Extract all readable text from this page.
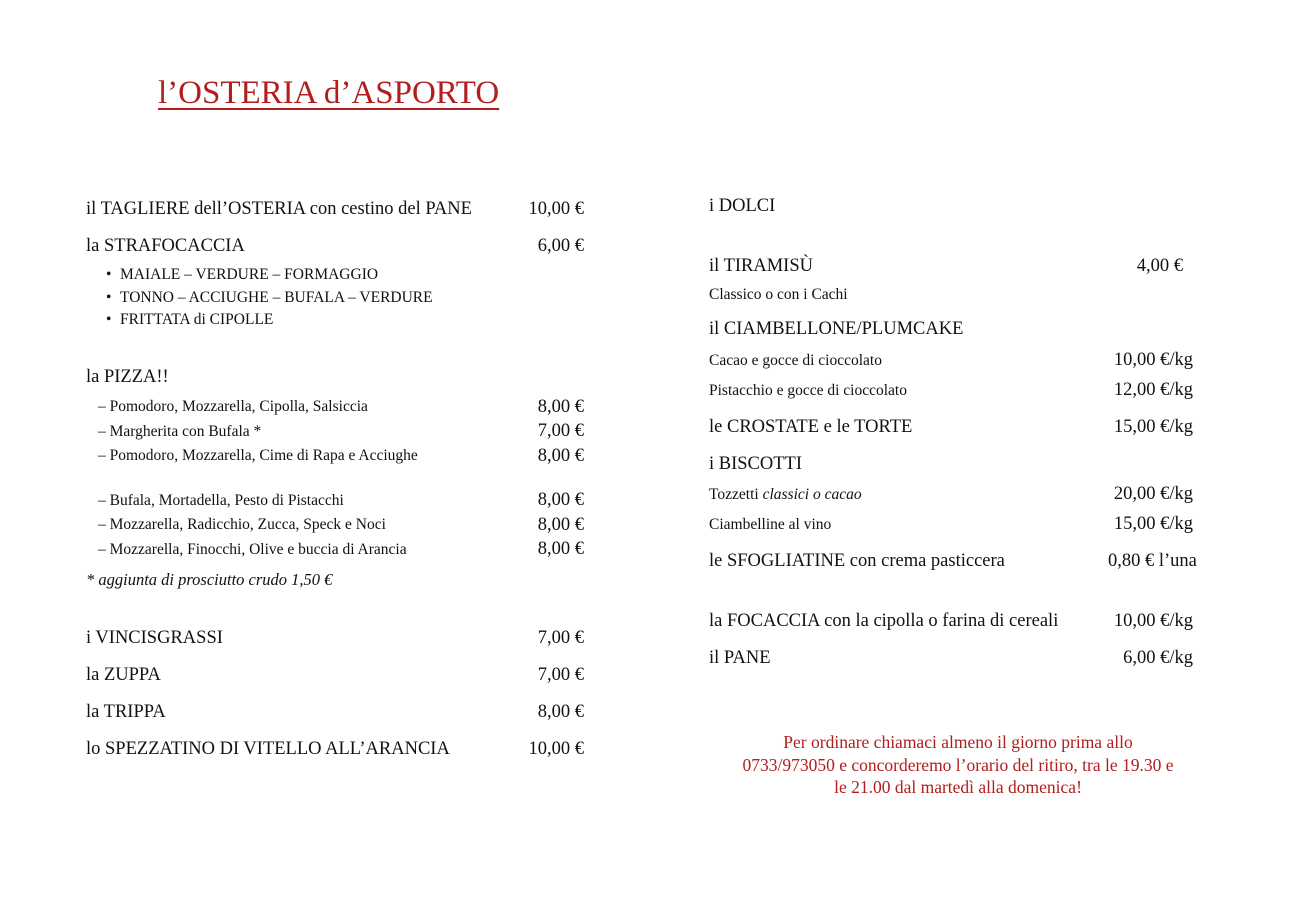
l’OSTERIA d’ASPORTO
il TAGLIERE dell’OSTERIA con cestino del PANE	10,00 €
la STRAFOCACCIA	6,00 €
• MAIALE – VERDURE – FORMAGGIO
• TONNO – ACCIUGHE – BUFALA – VERDURE
• FRITTATA di CIPOLLE
la PIZZA!!
– Pomodoro, Mozzarella, Cipolla, Salsiccia	8,00 €
– Margherita con Bufala *	7,00 €
– Pomodoro, Mozzarella, Cime di Rapa e Acciughe	8,00 €
– Bufala, Mortadella, Pesto di Pistacchi	8,00 €
– Mozzarella, Radicchio, Zucca, Speck e Noci	8,00 €
– Mozzarella, Finocchi, Olive e buccia di Arancia	8,00 €
* aggiunta di prosciutto crudo 1,50 €
i VINCISGRASSI	7,00 €
la ZUPPA	7,00 €
la TRIPPA	8,00 €
lo SPEZZATINO DI VITELLO ALL’ARANCIA	10,00 €
i DOLCI
il TIRAMISÙ	4,00 €
Classico o con i Cachi
il CIAMBELLONE/PLUMCAKE
Cacao e gocce di cioccolato	10,00 €/kg
Pistacchio e gocce di cioccolato	12,00 €/kg
le CROSTATE e le TORTE	15,00 €/kg
i BISCOTTI
Tozzetti classici o cacao	20,00 €/kg
Ciambelline al vino	15,00 €/kg
le SFOGLIATINE con crema pasticcera	0,80 € l’una
la FOCACCIA con la cipolla o farina di cereali	10,00 €/kg
il PANE	6,00 €/kg
Per ordinare chiamaci almeno il giorno prima allo
0733/973050 e concorderemo l’orario del ritiro, tra le 19.30 e
le 21.00 dal martedì alla domenica!
